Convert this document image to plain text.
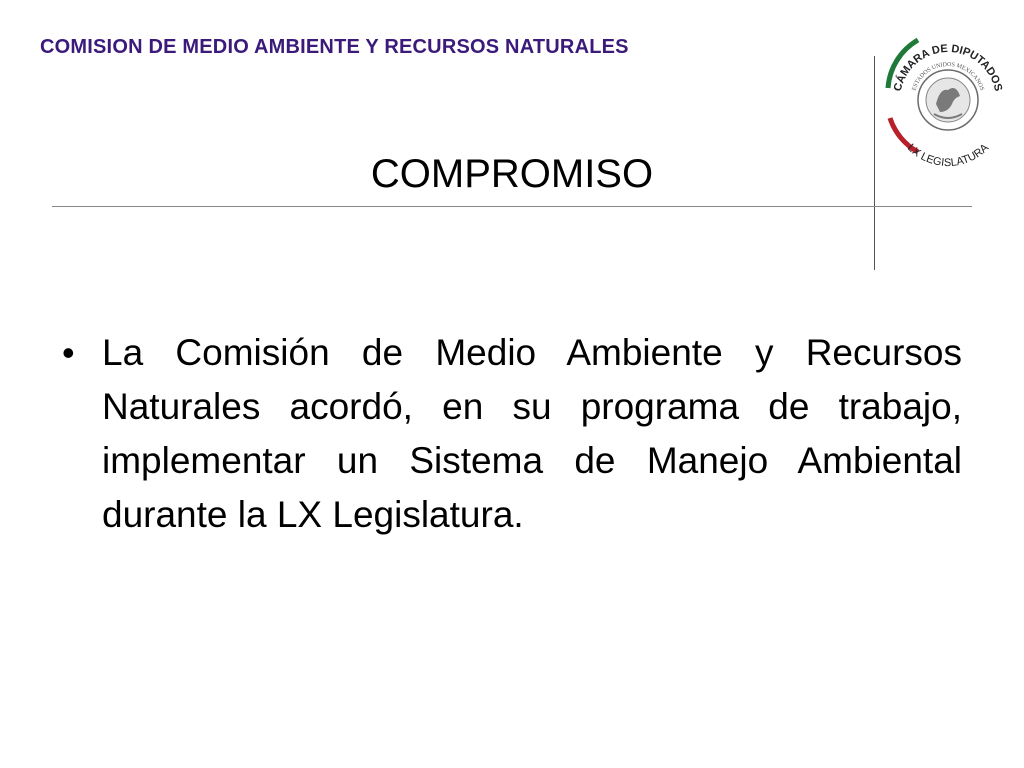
COMISION DE MEDIO AMBIENTE Y RECURSOS NATURALES
CÁMARA DE DIPUTADOS
ESTADOS UNIDOS MEXICANOS
LX LEGISLATURA
COMPROMISO
• La Comisión de Medio Ambiente y Recursos Naturales acordó, en su programa de trabajo, implementar un Sistema de Manejo Ambiental durante la LX Legislatura.
